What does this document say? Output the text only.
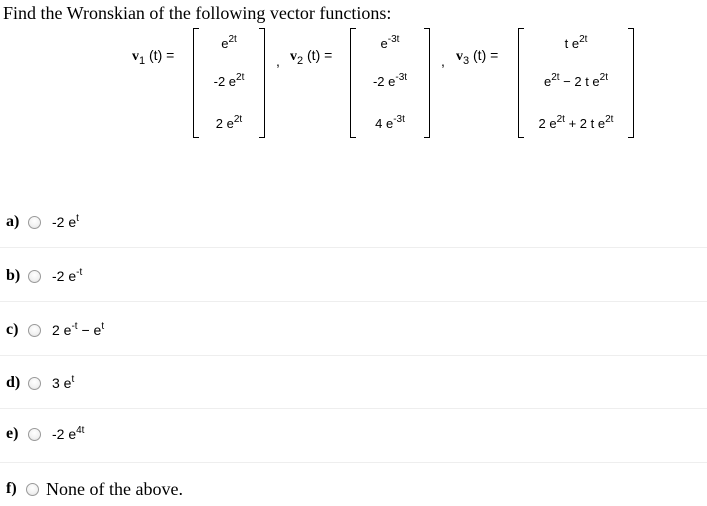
Find the Wronskian of the following vector functions:
$v_1$ (t) =
$e^{2t}$
-2 $e^{2t}$
2 $e^{2t}$
, $v_2$ (t) =
$e^{-3t}$
-2 $e^{-3t}$
4 $e^{-3t}$
, $v_3$ (t) =
t $e^{2t}$
$e^{2t} - 2$ t $e^{2t}$
2 $e^{2t} + 2$ t $e^{2t}$
a)	-2 $e^t$
b)	-2 $e^{-t}$
c)	2 $e^{-t} - e^t$
d)	3 $e^t$
e)	-2 $e^{4t}$
f)	None of the above.
